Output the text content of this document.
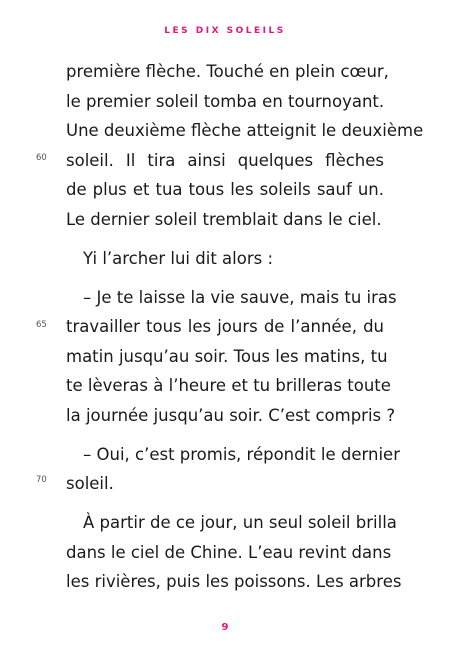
LES DIX SOLEILS
60
65
70
première flèche. Touché en plein cœur,
le premier soleil tomba en tournoyant.
Une deuxième flèche atteignit le deuxième
soleil. Il tira ainsi quelques flèches
de plus et tua tous les soleils sauf un.
Le dernier soleil tremblait dans le ciel.
Yi l’archer lui dit alors :
– Je te laisse la vie sauve, mais tu iras
travailler tous les jours de l’année, du
matin jusqu’au soir. Tous les matins, tu
te lèveras à l’heure et tu brilleras toute
la journée jusqu’au soir. C’est compris ?
– Oui, c’est promis, répondit le dernier
soleil.
À partir de ce jour, un seul soleil brilla
dans le ciel de Chine. L’eau revint dans
les rivières, puis les poissons. Les arbres
9
